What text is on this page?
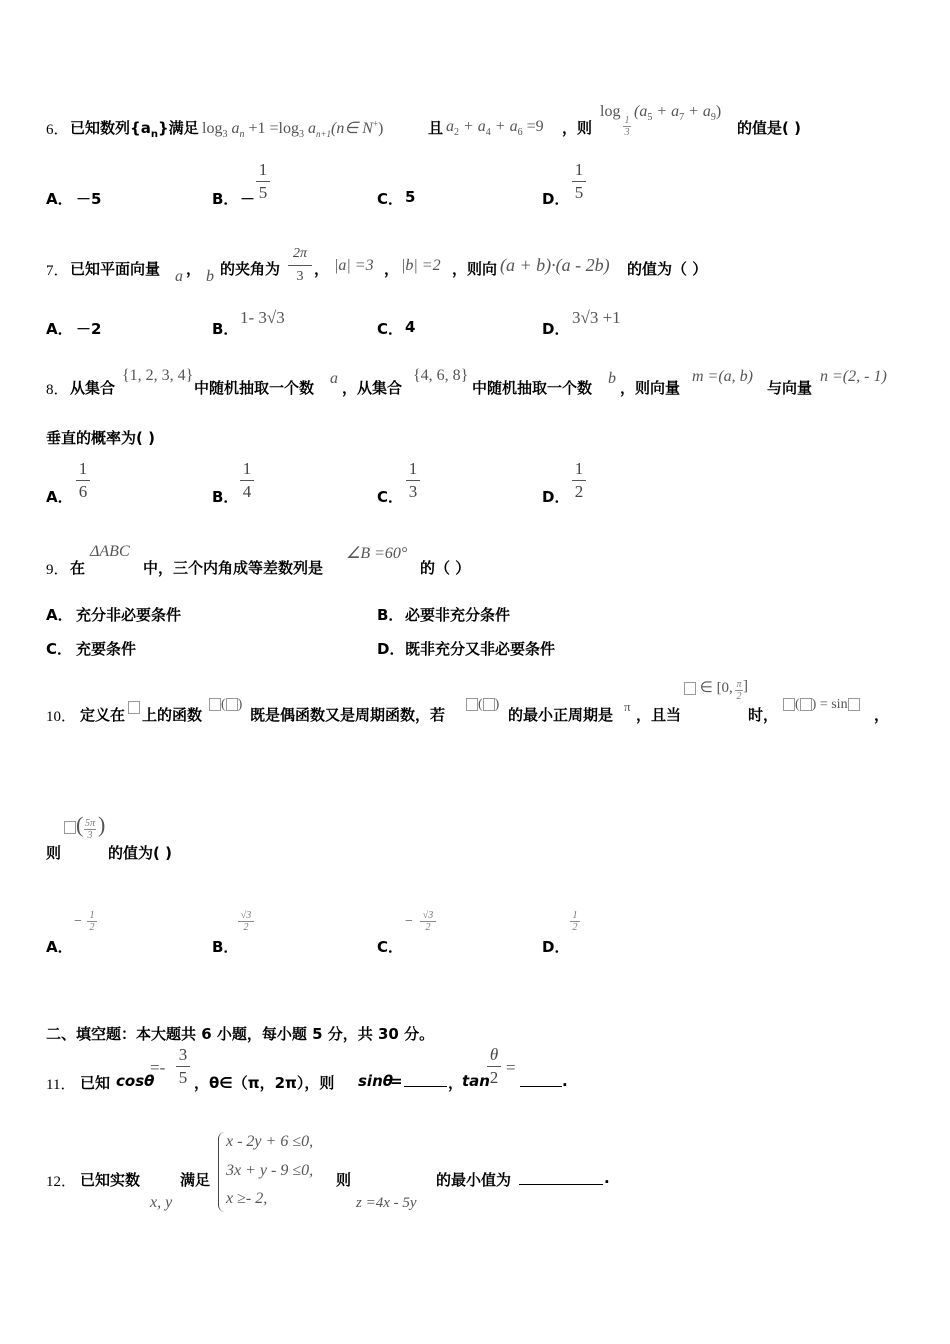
6． 已知数列$\{a_n\}$满足 $\log_3 a_n +1 =\log_3$ $a_{n+1}(n\in$ N+)	且 $a_2 + a_4 + a_6 =9$ ，则
log
1
3
$(a_5 + a_7 + a_9)$
的值是( )
A． －5	B． －
1
5	C． 5	D．
1
5
7． 已知平面向量 a ， b 的夹角为
2π
3 ， |a| =3 ， |b| =2 ，则向 (a + b)·(a - 2b) 的值为（ ）
A． －2	B．
1- 3√3
C． 4	D．
3√3 +1
8． 从集合
{1, 2, 3, 4}
中随机抽取一个数
a
，从集合
{4, 6, 8}
中随机抽取一个数
b
，则向量
m =(a, b)
与向量
n =(2, - 1)
垂直的概率为( )
A．
1
6	B．
1
4	C．
1
3	D．
1
2
9． 在
ΔABC
中，三个内角成等差数列是
∠B =60°
的（ ）
A． 充分非必要条件	B． 必要非充分条件
C． 充要条件	D． 既非充分又非必要条件
10． 定义在 上的函数
( )
既是偶函数又是周期函数，若
( )
的最小正周期是 π ，且当
∈ [0, π
2
]
时，
( ) = sin
，
则
( 5π
3 )
的值为( )
A．
− 1
2
B．
√3
2
C．
− √3
2
D．
1
2
二、填空题：本大题共 6 小题，每小题 5 分，共 30 分。
11． 已知 cosθ
=-
3
5 ，θ∈（π，2π），则 sinθ
=	，
tan
θ
2
=
.
12． 已知实数
x, y
满足
x - 2y + 6 ≤0,
3x + y - 9 ≤0,
x ≥- 2,
则
z =4x - 5y
的最小值为	.
